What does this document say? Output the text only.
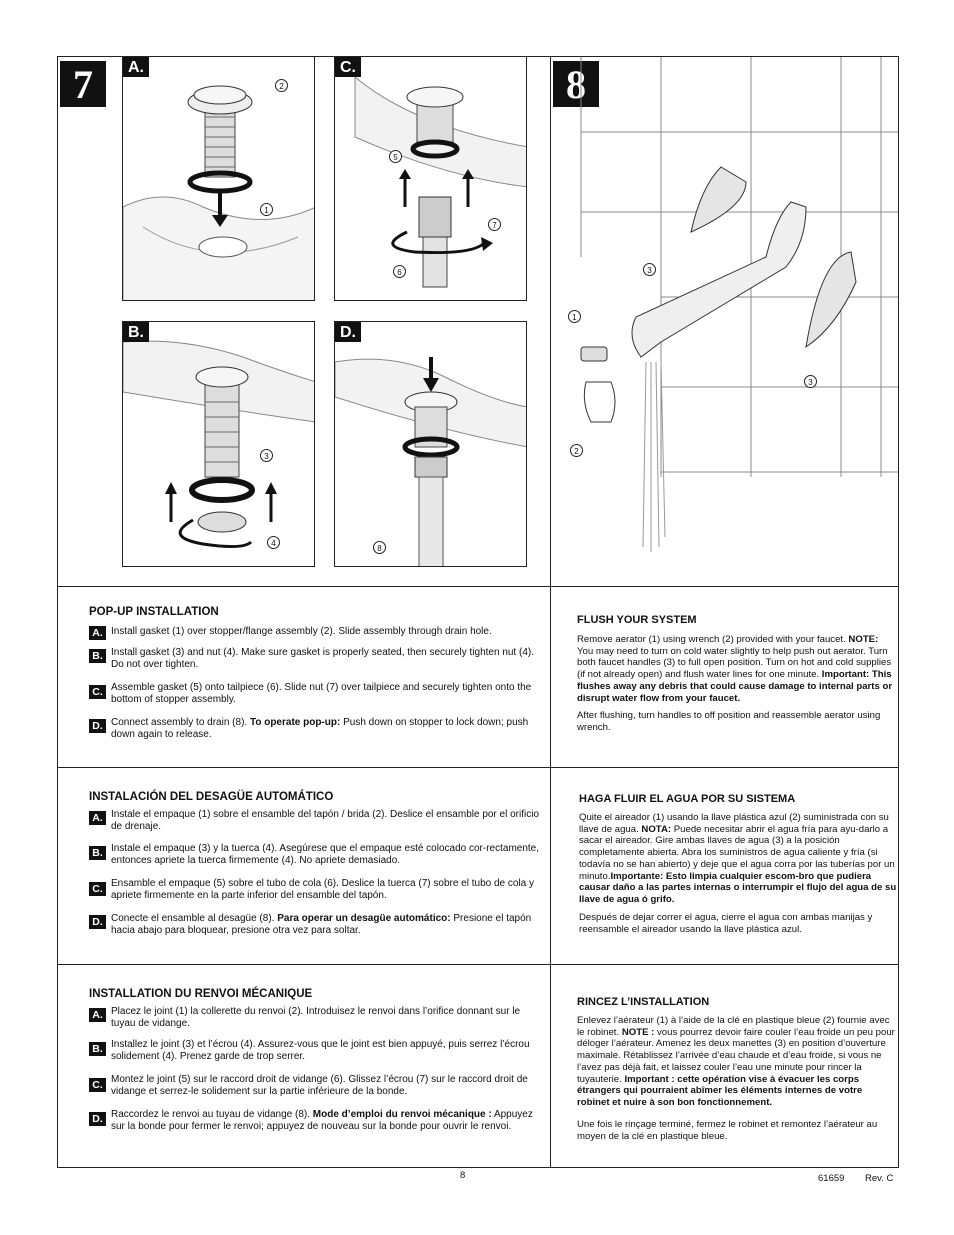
7	A.
2
1
C.
5
7
6
B.
3
4
D.
8
8
3
1
3
2
POP-UP INSTALLATION
A. Install gasket (1) over stopper/flange assembly (2). Slide assembly through drain hole.
B. Install gasket (3) and nut (4). Make sure gasket is properly seated, then securely tighten nut (4). Do not over tighten.
C. Assemble gasket (5) onto tailpiece (6). Slide nut (7) over tailpiece and securely tighten onto the bottom of stopper assembly.
D. Connect assembly to drain (8). To operate pop-up: Push down on stopper to lock down; push down again to release.
INSTALACIÓN DEL DESAGÜE AUTOMÁTICO
A. Instale el empaque (1) sobre el ensamble del tapón / brida (2). Deslice el ensamble por el orificio de drenaje.
B. Instale el empaque (3) y la tuerca (4). Asegúrese que el empaque esté colocado cor-rectamente, entonces apriete la tuerca firmemente (4). No apriete demasiado.
C. Ensamble el empaque (5) sobre el tubo de cola (6). Deslice la tuerca (7) sobre el tubo de cola y apriete firmemente en la parte inferior del ensamble del tapón.
D. Conecte el ensamble al desagüe (8). Para operar un desagüe automático: Presione el tapón hacia abajo para bloquear, presione otra vez para soltar.
INSTALLATION DU RENVOI MÉCANIQUE
A. Placez le joint (1) la collerette du renvoi (2). Introduisez le renvoi dans l’orifice donnant sur le tuyau de vidange.
B. Installez le joint (3) et l’écrou (4). Assurez-vous que le joint est bien appuyé, puis serrez l’écrou solidement (4). Prenez garde de trop serrer.
C. Montez le joint (5) sur le raccord droit de vidange (6). Glissez l’écrou (7) sur le raccord droit de vidange et serrez-le solidement sur la partie inférieure de la bonde.
D. Raccordez le renvoi au tuyau de vidange (8). Mode d’emploi du renvoi mécanique : Appuyez sur la bonde pour fermer le renvoi; appuyez de nouveau sur la bonde pour ouvrir le renvoi.
FLUSH YOUR SYSTEM
Remove aerator (1) using wrench (2) provided with your faucet. NOTE: You may need to turn on cold water slightly to help push out aerator. Turn both faucet handles (3) to full open position. Turn on hot and cold supplies (if not already open) and flush water lines for one minute. Important: This flushes away any debris that could cause damage to internal parts or disrupt water flow from your faucet.
After flushing, turn handles to off position and reassemble aerator using wrench.
HAGA FLUIR EL AGUA POR SU SISTEMA
Quite el aireador (1) usando la llave plástica azul (2) suministrada con su llave de agua. NOTA: Puede necesitar abrir el agua fría para ayu-darlo a sacar el aireador. Gire ambas llaves de agua (3) a la posición completamente abierta. Abra los suministros de agua caliente y fría (si todavía no se han abierto) y deje que el agua corra por las tuberías por un minuto.Importante: Esto limpia cualquier escom-bro que pudiera causar daño a las partes internas o interrumpir el flujo del agua de su llave de agua ó grifo.
Después de dejar correr el agua, cierre el agua con ambas manijas y reensamble el aireador usando la llave plástica azul.
RINCEZ L’INSTALLATION
Enlevez l’aérateur (1) à l’aide de la clé en plastique bleue (2) fournie avec le robinet. NOTE : vous pourrez devoir faire couler l’eau froide un peu pour déloger l’aérateur. Amenez les deux manettes (3) en position d’ouverture maximale. Rétablissez l’arrivée d’eau chaude et d’eau froide, si vous ne l’avez pas déjà fait, et laissez couler l’eau une minute pour rincer la tuyauterie. Important : cette opération vise à évacuer les corps étrangers qui pourraient abîmer les éléments internes de votre robinet et nuire à son bon fonctionnement.
Une fois le rinçage terminé, fermez le robinet et remontez l’aérateur au moyen de la clé en plastique bleue.
8	61659 Rev. C
